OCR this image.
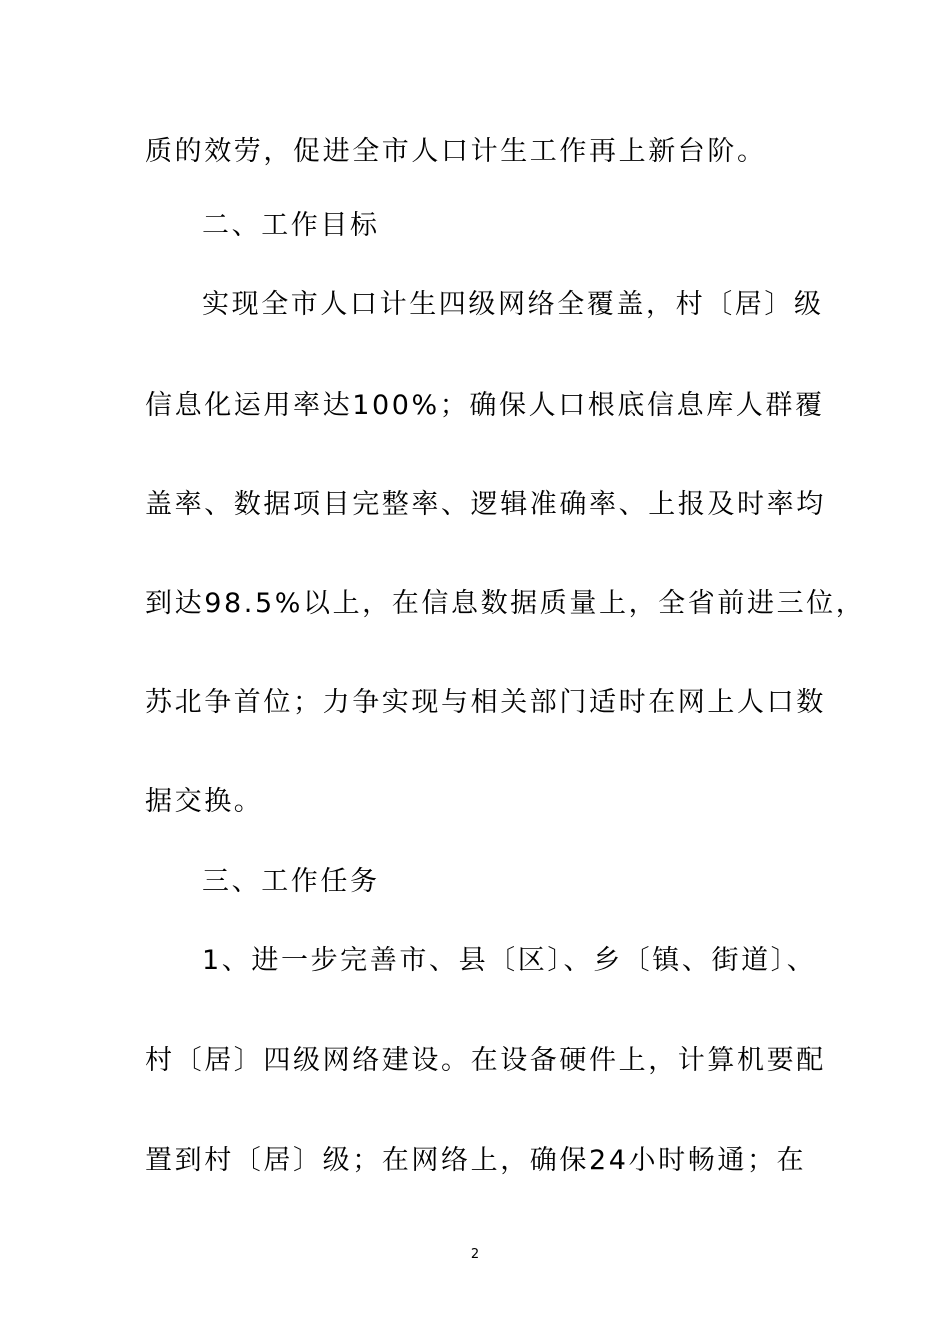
质的效劳，促进全市人口计生工作再上新台阶。
二、工作目标
实现全市人口计生四级网络全覆盖，村〔居〕级
信息化运用率达100%；确保人口根底信息库人群覆
盖率、数据项目完整率、逻辑准确率、上报及时率均
到达98.5%以上，在信息数据质量上，全省前进三位，
苏北争首位；力争实现与相关部门适时在网上人口数
据交换。
三、工作任务
1、进一步完善市、县〔区〕、乡〔镇、街道〕、
村〔居〕四级网络建设。在设备硬件上，计算机要配
置到村〔居〕级；在网络上，确保24小时畅通；在
2
